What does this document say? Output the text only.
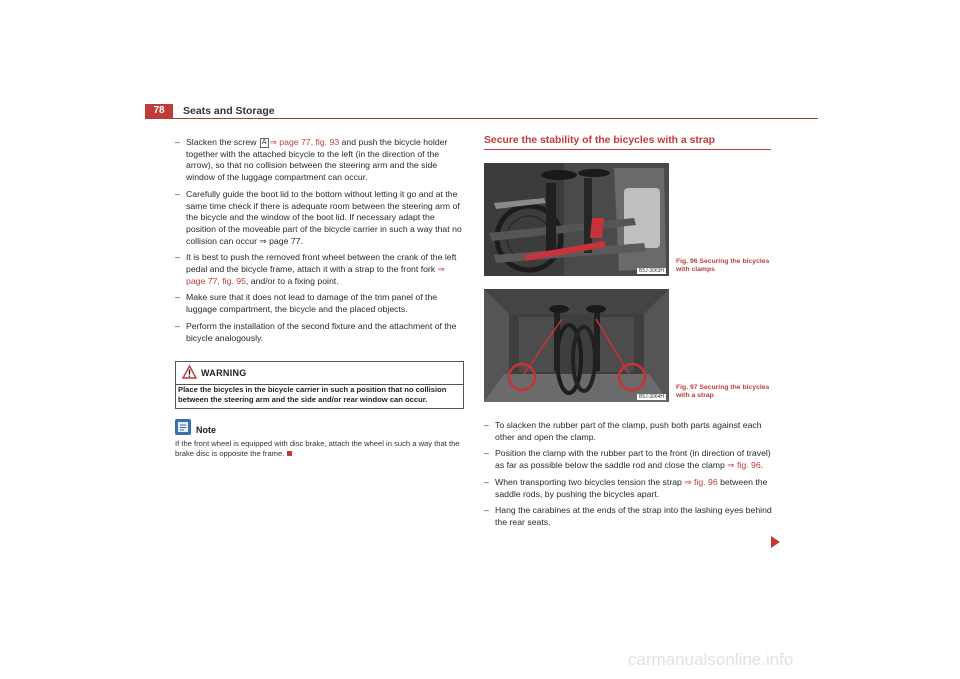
78	Seats and Storage
– Slacken the screw A ⇒ page 77, fig. 93 and push the bicycle holder together with the attached bicycle to the left (in the direction of the arrow), so that no collision between the steering arm and the side window of the luggage compartment can occur.
– Carefully guide the boot lid to the bottom without letting it go and at the same time check if there is adequate room between the steering arm of the bicycle and the window of the boot lid. If necessary adapt the position of the moveable part of the bicycle carrier in such a way that no collision can occur ⇒ page 77.
– It is best to push the removed front wheel between the crank of the left pedal and the bicycle frame, attach it with a strap to the front fork ⇒ page 77, fig. 95, and/or to a fixing point.
– Make sure that it does not lead to damage of the trim panel of the luggage compartment, the bicycle and the placed objects.
– Perform the installation of the second fixture and the attachment of the bicycle analogously.
WARNING
Place the bicycles in the bicycle carrier in such a position that no collision between the steering arm and the side and/or rear window can occur.
Note
If the front wheel is equipped with disc brake, attach the wheel in such a way that the brake disc is opposite the frame.
Secure the stability of the bicycles with a strap
B5J-3063H
Fig. 96 Securing the bicycles with clamps
B5J-3064H
Fig. 97 Securing the bicycles with a strap
– To slacken the rubber part of the clamp, push both parts against each other and open the clamp.
– Position the clamp with the rubber part to the front (in direction of travel) as far as possible below the saddle rod and close the clamp ⇒ fig. 96.
– When transporting two bicycles tension the strap ⇒ fig. 96 between the saddle rods, by pushing the bicycles apart.
– Hang the carabines at the ends of the strap into the lashing eyes behind the rear seats.
carmanualsonline.info
